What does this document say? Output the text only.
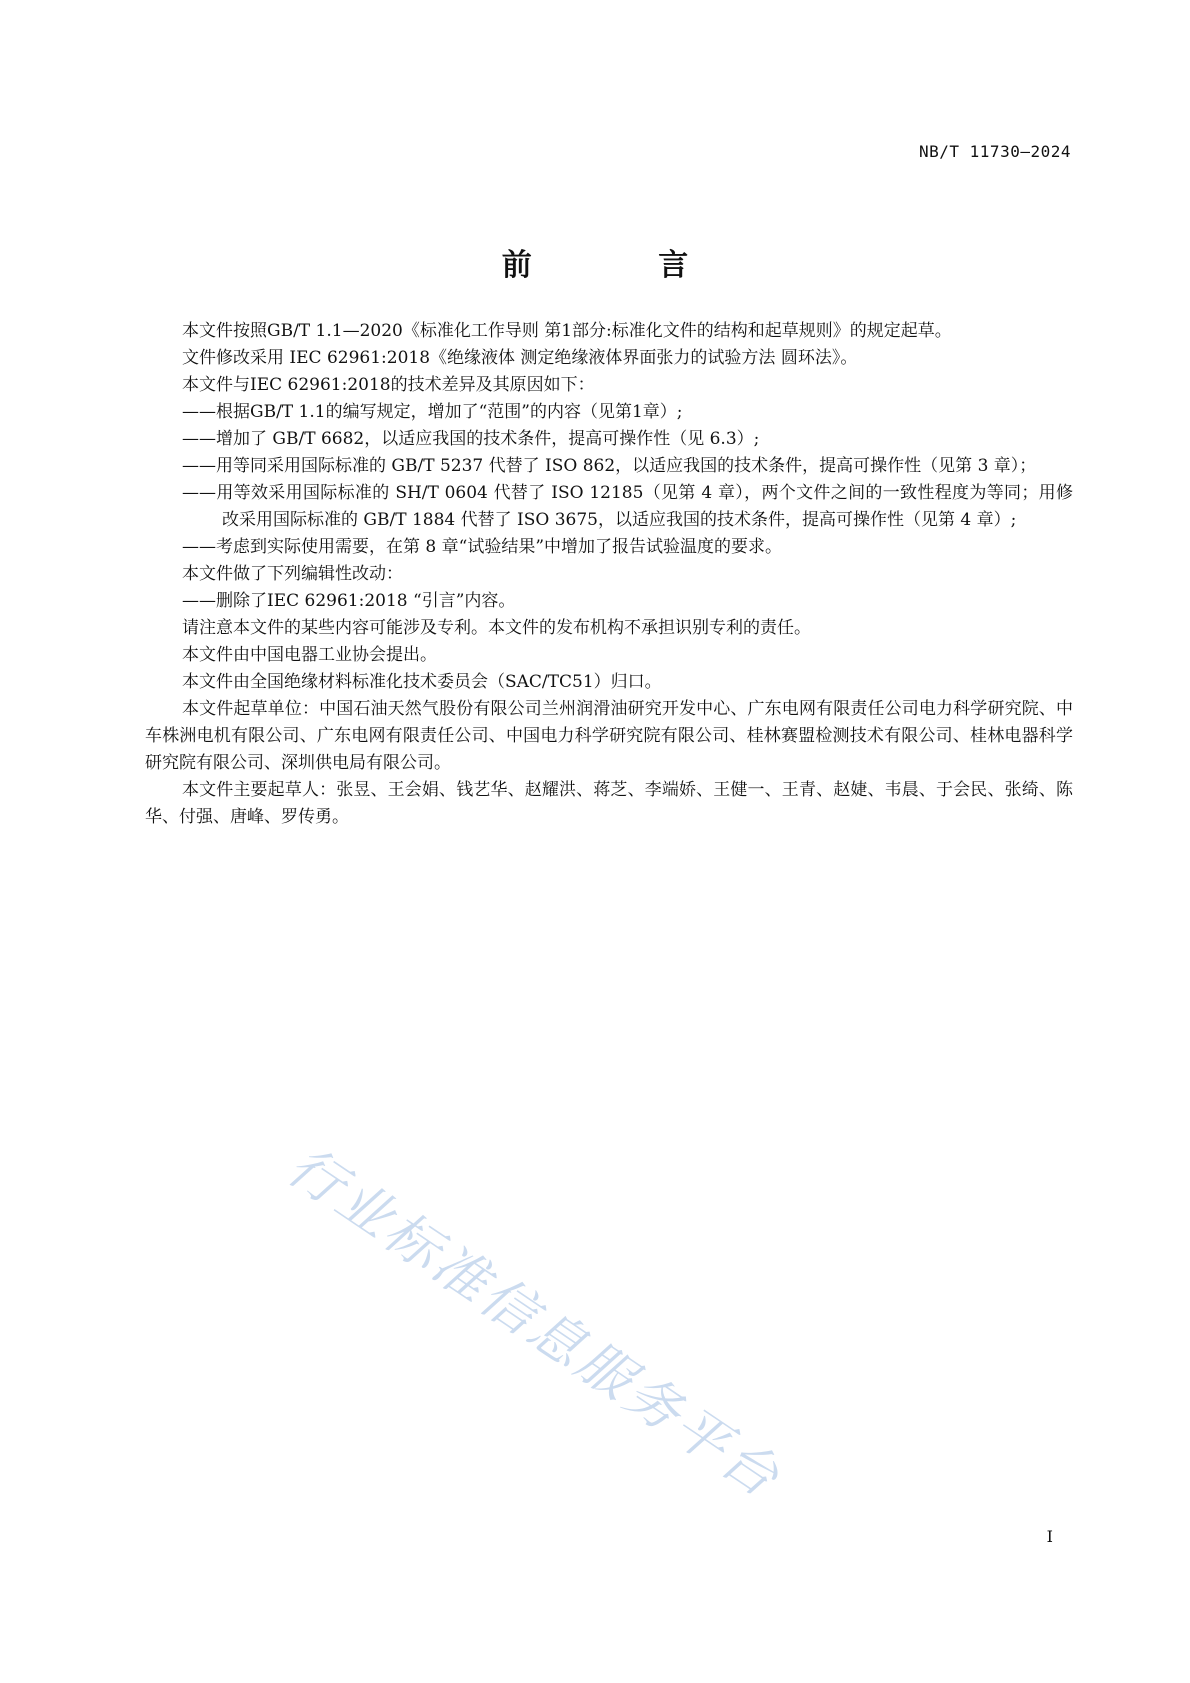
NB/T 11730—2024
前 言

本文件按照GB/T 1.1—2020《标准化工作导则 第1部分:标准化文件的结构和起草规则》的规定起草。

文件修改采用 IEC 62961:2018《绝缘液体 测定绝缘液体界面张力的试验方法 圆环法》。

本文件与IEC 62961:2018的技术差异及其原因如下：

——根据GB/T 1.1的编写规定，增加了“范围”的内容（见第1章）;

——增加了 GB/T 6682，以适应我国的技术条件，提高可操作性（见 6.3）;

——用等同采用国际标准的 GB/T 5237 代替了 ISO 862，以适应我国的技术条件，提高可操作性（见第 3 章）；

——用等效采用国际标准的 SH/T 0604 代替了 ISO 12185（见第 4 章），两个文件之间的一致性程度为等同；用修改采用国际标准的 GB/T 1884 代替了 ISO 3675，以适应我国的技术条件，提高可操作性（见第 4 章）;

——考虑到实际使用需要，在第 8 章“试验结果”中增加了报告试验温度的要求。

本文件做了下列编辑性改动：

——删除了IEC 62961:2018 “引言”内容。

请注意本文件的某些内容可能涉及专利。本文件的发布机构不承担识别专利的责任。

本文件由中国电器工业协会提出。

本文件由全国绝缘材料标准化技术委员会（SAC/TC51）归口。

本文件起草单位：中国石油天然气股份有限公司兰州润滑油研究开发中心、广东电网有限责任公司电力科学研究院、中车株洲电机有限公司、广东电网有限责任公司、中国电力科学研究院有限公司、桂林赛盟检测技术有限公司、桂林电器科学研究院有限公司、深圳供电局有限公司。

本文件主要起草人：张昱、王会娟、钱艺华、赵耀洪、蒋芝、李端娇、王健一、王青、赵婕、韦晨、于会民、张绮、陈华、付强、唐峰、罗传勇。

行业标准信息服务平台
I
